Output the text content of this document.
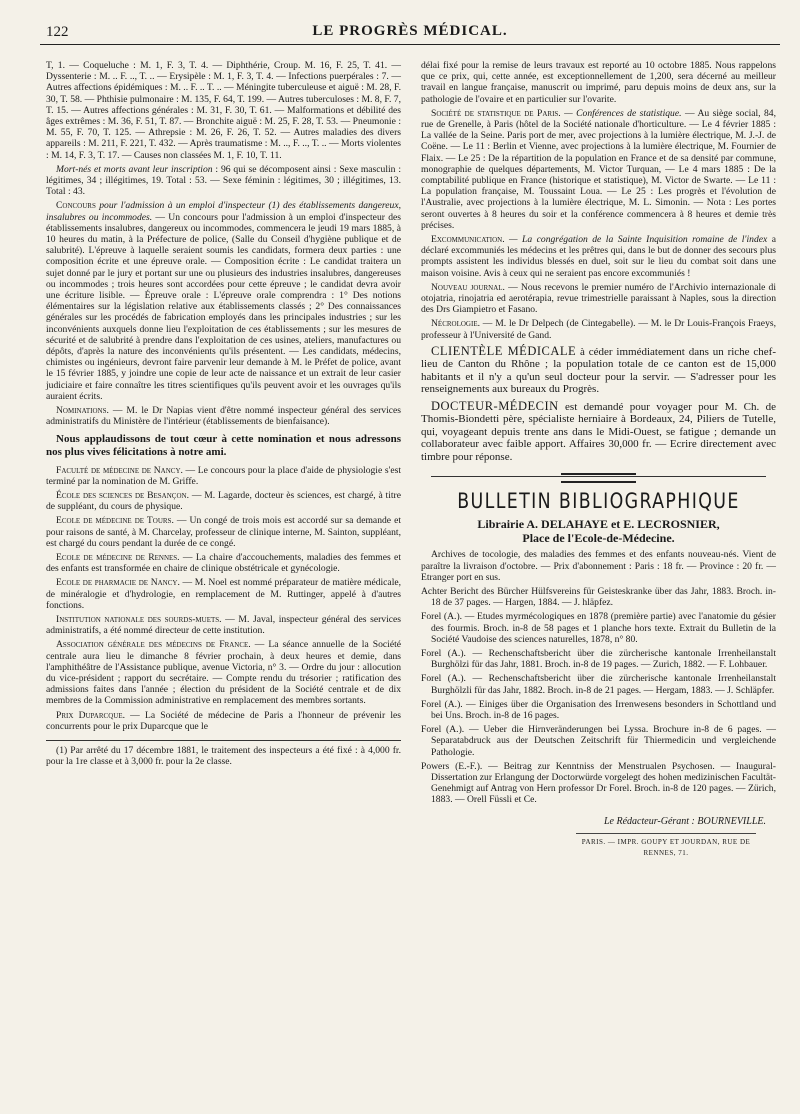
122	LE PROGRÈS MÉDICAL.

T, 1. — Coqueluche : M. 1, F. 3, T. 4. — Diphthérie, Croup. M. 16, F. 25, T. 41. — Dyssenterie : M. .. F. .., T. .. — Erysipèle : M. 1, F. 3, T. 4. — Infections puerpérales : 7. — Autres affections épidémiques : M. .. F. .. T. .. — Méningite tuberculeuse et aiguë : M. 28, F. 30, T. 58. — Phthisie pulmonaire : M. 135, F. 64, T. 199. — Autres tuberculoses : M. 8, F. 7, T. 15. — Autres affections générales : M. 31, F. 30, T. 61. — Malformations et débilité des âges extrêmes : M. 36, F. 51, T. 87. — Bronchite aiguë : M. 25, F. 28, T. 53. — Pneumonie : M. 55, F. 70, T. 125. — Athrepsie : M. 26, F. 26, T. 52. — Autres maladies des divers appareils : M. 211, F. 221, T. 432. — Après traumatisme : M. .., F. .., T. .. — Morts violentes : M. 14, F. 3, T. 17. — Causes non classées M. 1, F. 10, T. 11.

Mort-nés et morts avant leur inscription : 96 qui se décomposent ainsi : Sexe masculin : légitimes, 34 ; illégitimes, 19. Total : 53. — Sexe féminin : légitimes, 30 ; illégitimes, 13. Total : 43.

Concours pour l'admission à un emploi d'inspecteur (1) des établissements dangereux, insalubres ou incommodes. — Un concours pour l'admission à un emploi d'inspecteur des établissements insalubres, dangereux ou incommodes, commencera le jeudi 19 mars 1885, à 10 heures du matin, à la Préfecture de police, (Salle du Conseil d'hygiène publique et de salubrité). L'épreuve à laquelle seraient soumis les candidats, formera deux parties : une composition écrite et une épreuve orale. — Composition écrite : Le candidat traitera un sujet donné par le jury et portant sur une ou plusieurs des industries insalubres, dangereuses ou incommodes ; trois heures sont accordées pour cette épreuve ; le candidat devra avoir une écriture lisible. — Épreuve orale : L'épreuve orale comprendra : 1° Des notions élémentaires sur la législation relative aux établissements classés ; 2° Des connaissances générales sur les procédés de fabrication employés dans les principales industries ; sur les inconvénients auxquels donne lieu l'exploitation de ces établissements ; sur les mesures de sécurité et de salubrité à prendre dans l'exploitation de ces usines, ateliers, manufactures ou dépôts, d'après la nature des inconvénients qu'ils présentent. — Les candidats, médecins, chimistes ou ingénieurs, devront faire parvenir leur demande à M. le Préfet de police, avant le 15 février 1885, y joindre une copie de leur acte de naissance et un extrait de leur casier judiciaire et faire connaître les titres scientifiques qu'ils peuvent avoir et les ouvrages qu'ils auraient écrits.

Nominations. — M. le Dr Napias vient d'être nommé inspecteur général des services administratifs du Ministère de l'intérieur (établissements de bienfaisance).

Nous applaudissons de tout cœur à cette nomination et nous adressons nos plus vives félicitations à notre ami.

Faculté de médecine de Nancy. — Le concours pour la place d'aide de physiologie s'est terminé par la nomination de M. Griffe.

École des sciences de Besançon. — M. Lagarde, docteur ès sciences, est chargé, à titre de suppléant, du cours de physique.

Ecole de médecine de Tours. — Un congé de trois mois est accordé sur sa demande et pour raisons de santé, à M. Charcelay, professeur de clinique interne, M. Sainton, suppléant, est chargé du cours pendant la durée de ce congé.

Ecole de médecine de Rennes. — La chaire d'accouchements, maladies des femmes et des enfants est transformée en chaire de clinique obstétricale et gynécologie.

Ecole de pharmacie de Nancy. — M. Noel est nommé préparateur de matière médicale, de minéralogie et d'hydrologie, en remplacement de M. Ruttinger, appelé à d'autres fonctions.

Institution nationale des sourds-muets. — M. Javal, inspecteur général des services administratifs, a été nommé directeur de cette institution.

Association générale des médecins de France. — La séance annuelle de la Société centrale aura lieu le dimanche 8 février prochain, à deux heures et demie, dans l'amphithéâtre de l'Assistance publique, avenue Victoria, n° 3. — Ordre du jour : allocution du vice-président ; rapport du secrétaire. — Compte rendu du trésorier ; ratification des admissions faites dans l'année ; élection du président de la Société centrale et de dix membres de la Commission administrative en remplacement des membres sortants.

Prix Duparcque. — La Société de médecine de Paris a l'honneur de prévenir les concurrents pour le prix Duparcque que le

(1) Par arrêté du 17 décembre 1881, le traitement des inspecteurs a été fixé : à 4,000 fr. pour la 1re classe et à 3,000 fr. pour la 2e classe.

délai fixé pour la remise de leurs travaux est reporté au 10 octobre 1885. Nous rappelons que ce prix, qui, cette année, est exceptionnellement de 1,200, sera décerné au meilleur travail en langue française, manuscrit ou imprimé, paru depuis moins de deux ans, sur la pathologie de l'ovaire et en particulier sur l'ovarite.

Société de statistique de Paris. — Conférences de statistique. — Au siège social, 84, rue de Grenelle, à Paris (hôtel de la Société nationale d'horticulture. — Le 4 février 1885 : La vallée de la Seine. Paris port de mer, avec projections à la lumière électrique, M. J.-J. de Coëne. — Le 11 : Berlin et Vienne, avec projections à la lumière électrique, M. Fournier de Flaix. — Le 25 : De la répartition de la population en France et de sa densité par commune, monographie de quelques départements, M. Victor Turquan, — Le 4 mars 1885 : De la comptabilité publique en France (historique et statistique), M. Victor de Swarte. — Le 11 : La population française, M. Toussaint Loua. — Le 25 : Les progrès et l'évolution de l'Australie, avec projections à la lumière électrique, M. L. Simonin. — Nota : Les portes seront ouvertes à 8 heures du soir et la conférence commencera à 8 heures et demie très précises.

Excommunication. — La congrégation de la Sainte Inquisition romaine de l'index a déclaré excommuniés les médecins et les prêtres qui, dans le but de donner des secours plus prompts assistent les individus blessés en duel, soit sur le lieu du combat soit dans une maison voisine. Avis à ceux qui ne seraient pas encore excommuniés !

Nouveau journal. — Nous recevons le premier numéro de l'Archivio internazionale di otojatria, rinojatria ed aerotérapia, revue trimestrielle paraissant à Naples, sous la direction des Drs Giampietro et Fasano.

Nécrologie. — M. le Dr Delpech (de Cintegabelle). — M. le Dr Louis-François Fraeys, professeur à l'Université de Gand.

CLIENTÈLE MÉDICALE à céder immédiatement dans un riche chef-lieu de Canton du Rhône ; la population totale de ce canton est de 15,000 habitants et il n'y a qu'un seul docteur pour la servir. — S'adresser pour les renseignements aux bureaux du Progrès.

DOCTEUR-MÉDECIN est demandé pour voyager pour M. Ch. de Thomis-Biondetti père, spécialiste herniaire à Bordeaux, 24, Piliers de Tutelle, qui, voyageant depuis trente ans dans le Midi-Ouest, se fatigue ; demande un collaborateur avec faible apport. Affaires 30,000 fr. — Ecrire directement avec timbre pour réponse.

BULLETIN BIBLIOGRAPHIQUE
Librairie A. DELAHAYE et E. LECROSNIER,
Place de l'Ecole-de-Médecine.

Archives de tocologie, des maladies des femmes et des enfants nouveau-nés. Vient de paraître la livraison d'octobre. — Prix d'abonnement : Paris : 18 fr. — Province : 20 fr. — Etranger port en sus.

Achter Bericht des Bürcher Hülfsvereins für Geisteskranke über das Jahr, 1883. Broch. in-18 de 37 pages. — Hargen, 1884. — J. hläpfez.

Forel (A.). — Etudes myrmécologiques en 1878 (première partie) avec l'anatomie du gésier des fourmis. Broch. in-8 de 58 pages et 1 planche hors texte. Extrait du Bulletin de la Société Vaudoise des sciences naturelles, 1878, n° 80.

Forel (A.). — Rechenschaftsbericht über die zürcherische kantonale Irrenheilanstalt Burghölzi für das Jahr, 1881. Broch. in-8 de 19 pages. — Zurich, 1882. — F. Lohbauer.

Forel (A.). — Rechenschaftsbericht über die zürcherische kantonale Irrenheilanstalt Burghölzli für das Jahr, 1882. Broch. in-8 de 21 pages. — Hergam, 1883. — J. Schläpfer.

Forel (A.). — Einiges über die Organisation des Irrenwesens besonders in Schottland und bei Uns. Broch. in-8 de 16 pages.

Forel (A.). — Ueber die Hirnveränderungen bei Lyssa. Brochure in-8 de 6 pages. — Separatabdruck aus der Deutschen Zeitschrift für Thiermedicin und vergleichende Pathologie.

Powers (E.-F.). — Beitrag zur Kenntniss der Menstrualen Psychosen. — Inaugural-Dissertation zur Erlangung der Doctorwürde vorgelegt des hohen medizinischen Facultät-Genehmigt auf Antrag von Hern professor Dr Forel. Broch. in-8 de 120 pages. — Zürich, 1883. — Orell Füssli et Ce.

Le Rédacteur-Gérant : BOURNEVILLE.
PARIS. — IMPR. GOUPY ET JOURDAN, RUE DE RENNES, 71.
